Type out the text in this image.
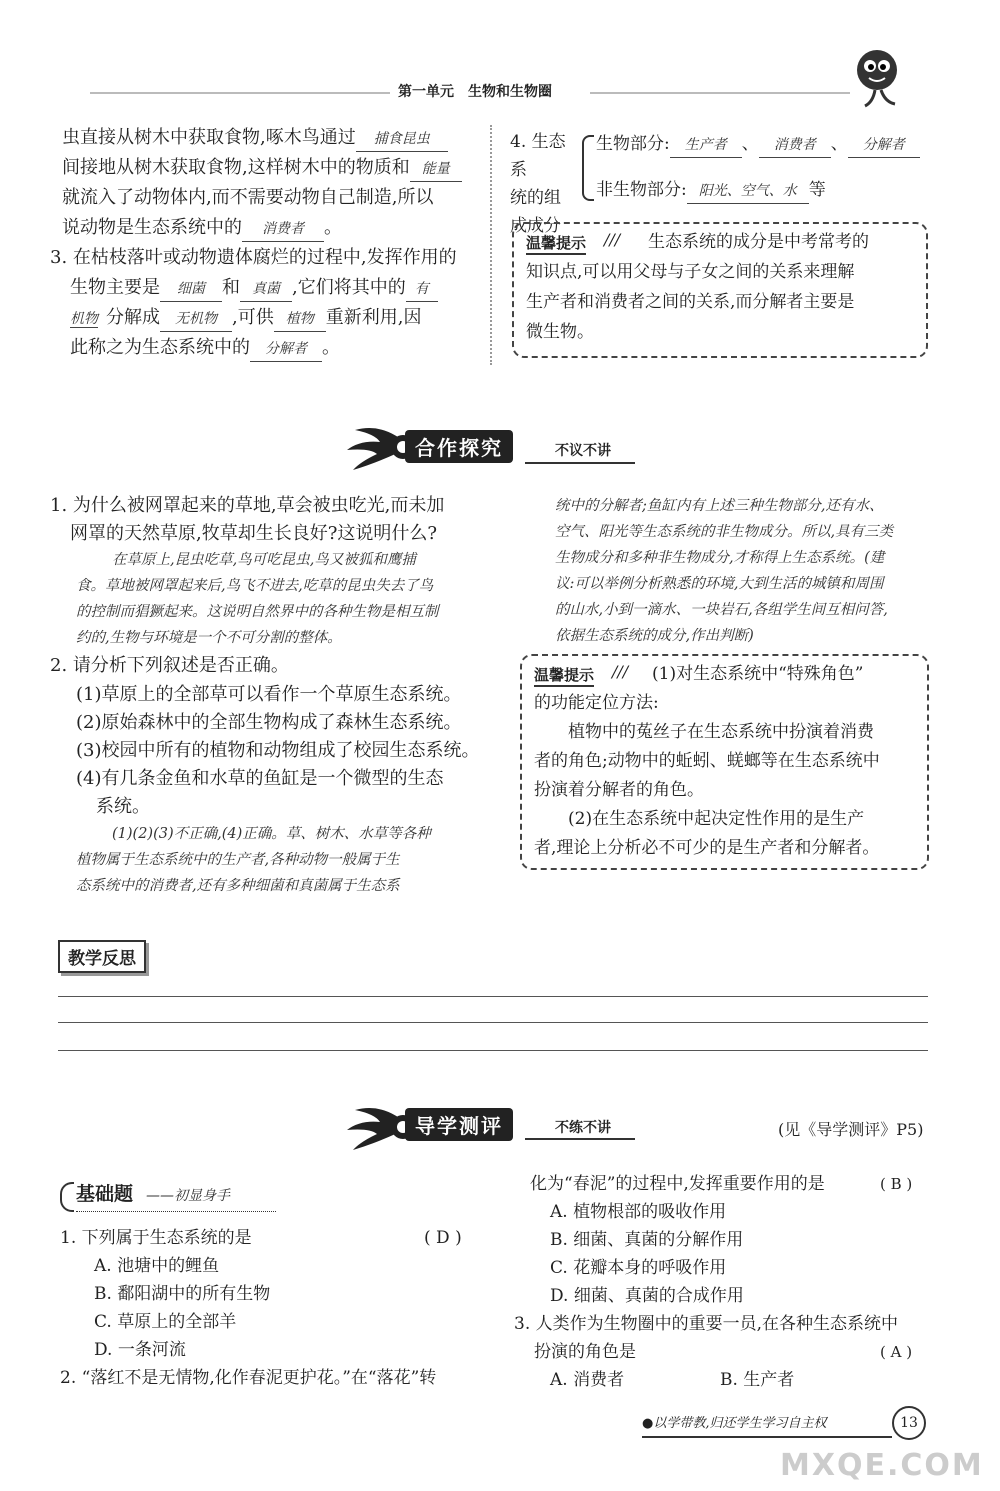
第一单元　生物和生物圈
虫直接从树木中获取食物,啄木鸟通过 捕食昆虫
间接地从树木获取食物,这样树木中的物质和 能量
就流入了动物体内,而不需要动物自己制造,所以
说动物是生态系统中的 消费者 。
3. 在枯枝落叶或动物遗体腐烂的过程中,发挥作用的
生物主要是 细菌 和 真菌 ,它们将其中的 有
机物 分解成 无机物 ,可供 植物 重新利用,因
此称之为生态系统中的 分解者 。
4. 生态系
统的组
成成分
生物部分: 生产者 、 消费者 、 分解者
非生物部分: 阳光、空气、水 等
温馨提示 /// 生态系统的成分是中考常考的
知识点,可以用父母与子女之间的关系来理解
生产者和消费者之间的关系,而分解者主要是
微生物。
合作探究	不议不讲
1. 为什么被网罩起来的草地,草会被虫吃光,而未加
网罩的天然草原,牧草却生长良好?这说明什么?
在草原上,昆虫吃草,鸟可吃昆虫,鸟又被狐和鹰捕
食。草地被网罩起来后,鸟飞不进去,吃草的昆虫失去了鸟
的控制而猖獗起来。这说明自然界中的各种生物是相互制
约的,生物与环境是一个不可分割的整体。
2. 请分析下列叙述是否正确。
(1)草原上的全部草可以看作一个草原生态系统。
(2)原始森林中的全部生物构成了森林生态系统。
(3)校园中所有的植物和动物组成了校园生态系统。
(4)有几条金鱼和水草的鱼缸是一个微型的生态
系统。
(1)(2)(3)不正确,(4)正确。草、树木、水草等各种
植物属于生态系统中的生产者,各种动物一般属于生
态系统中的消费者,还有多种细菌和真菌属于生态系
统中的分解者;鱼缸内有上述三种生物部分,还有水、
空气、阳光等生态系统的非生物成分。所以,具有三类
生物成分和多种非生物成分,才称得上生态系统。(建
议:可以举例分析熟悉的环境,大到生活的城镇和周围
的山水,小到一滴水、一块岩石,各组学生间互相问答,
依据生态系统的成分,作出判断)
温馨提示 /// (1)对生态系统中“特殊角色”
的功能定位方法:
植物中的菟丝子在生态系统中扮演着消费
者的角色;动物中的蚯蚓、蜣螂等在生态系统中
扮演着分解者的角色。
(2)在生态系统中起决定性作用的是生产
者,理论上分析必不可少的是生产者和分解者。
教学反思
导学测评	不练不讲	(见《导学测评》P5)
基础题 ——初显身手
1. 下列属于生态系统的是	( D )
A. 池塘中的鲤鱼
B. 鄱阳湖中的所有生物
C. 草原上的全部羊
D. 一条河流
2. “落红不是无情物,化作春泥更护花。”在“落花”转
化为“春泥”的过程中,发挥重要作用的是	( B )
A. 植物根部的吸收作用
B. 细菌、真菌的分解作用
C. 花瓣本身的呼吸作用
D. 细菌、真菌的合成作用
3. 人类作为生物圈中的重要一员,在各种生态系统中
扮演的角色是	( A )
A. 消费者	B. 生产者
●以学带教,归还学生学习自主权	13
MXQE.COM
